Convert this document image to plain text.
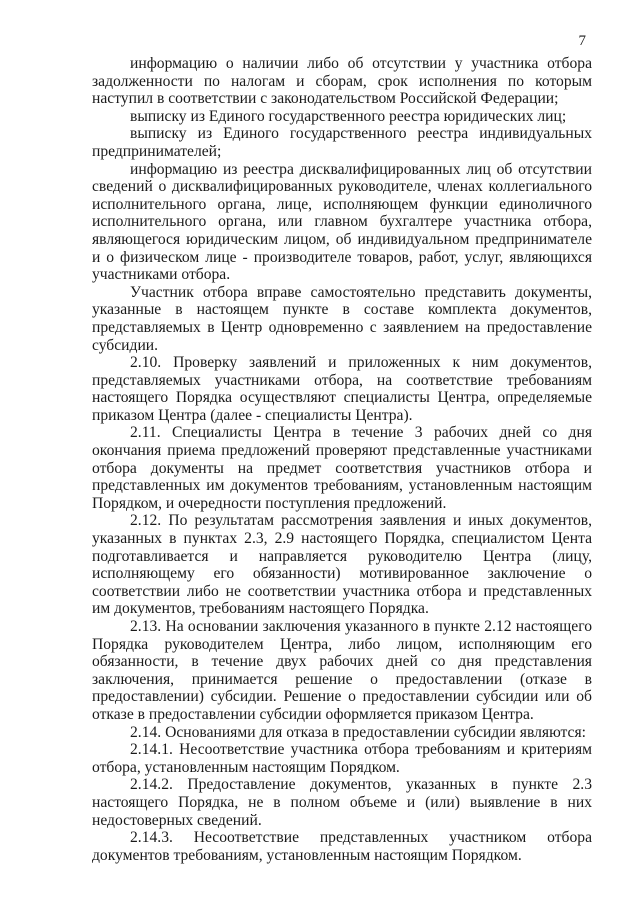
7

информацию о наличии либо об отсутствии у участника отбора задолженности по налогам и сборам, срок исполнения по которым наступил в соответствии с законодательством Российской Федерации;

выписку из Единого государственного реестра юридических лиц;

выписку из Единого государственного реестра индивидуальных предпринимателей;

информацию из реестра дисквалифицированных лиц об отсутствии сведений о дисквалифицированных руководителе, членах коллегиального исполнительного органа, лице, исполняющем функции единоличного исполнительного органа, или главном бухгалтере участника отбора, являющегося юридическим лицом, об индивидуальном предпринимателе и о физическом лице - производителе товаров, работ, услуг, являющихся участниками отбора.

Участник отбора вправе самостоятельно представить документы, указанные в настоящем пункте в составе комплекта документов, представляемых в Центр одновременно с заявлением на предоставление субсидии.

2.10. Проверку заявлений и приложенных к ним документов, представляемых участниками отбора, на соответствие требованиям настоящего Порядка осуществляют специалисты Центра, определяемые приказом Центра (далее - специалисты Центра).

2.11. Специалисты Центра в течение 3 рабочих дней со дня окончания приема предложений проверяют представленные участниками отбора документы на предмет соответствия участников отбора и представленных им документов требованиям, установленным настоящим Порядком, и очередности поступления предложений.

2.12. По результатам рассмотрения заявления и иных документов, указанных в пунктах 2.3, 2.9 настоящего Порядка, специалистом Цента подготавливается и направляется руководителю Центра (лицу, исполняющему его обязанности) мотивированное заключение о соответствии либо не соответствии участника отбора и представленных им документов, требованиям настоящего Порядка.

2.13. На основании заключения указанного в пункте 2.12 настоящего Порядка руководителем Центра, либо лицом, исполняющим его обязанности, в течение двух рабочих дней со дня представления заключения, принимается решение о предоставлении (отказе в предоставлении) субсидии. Решение о предоставлении субсидии или об отказе в предоставлении субсидии оформляется приказом Центра.

2.14. Основаниями для отказа в предоставлении субсидии являются:

2.14.1. Несоответствие участника отбора требованиям и критериям отбора, установленным настоящим Порядком.

2.14.2. Предоставление документов, указанных в пункте 2.3 настоящего Порядка, не в полном объеме и (или) выявление в них недостоверных сведений.

2.14.3. Несоответствие представленных участником отбора документов требованиям, установленным настоящим Порядком.
